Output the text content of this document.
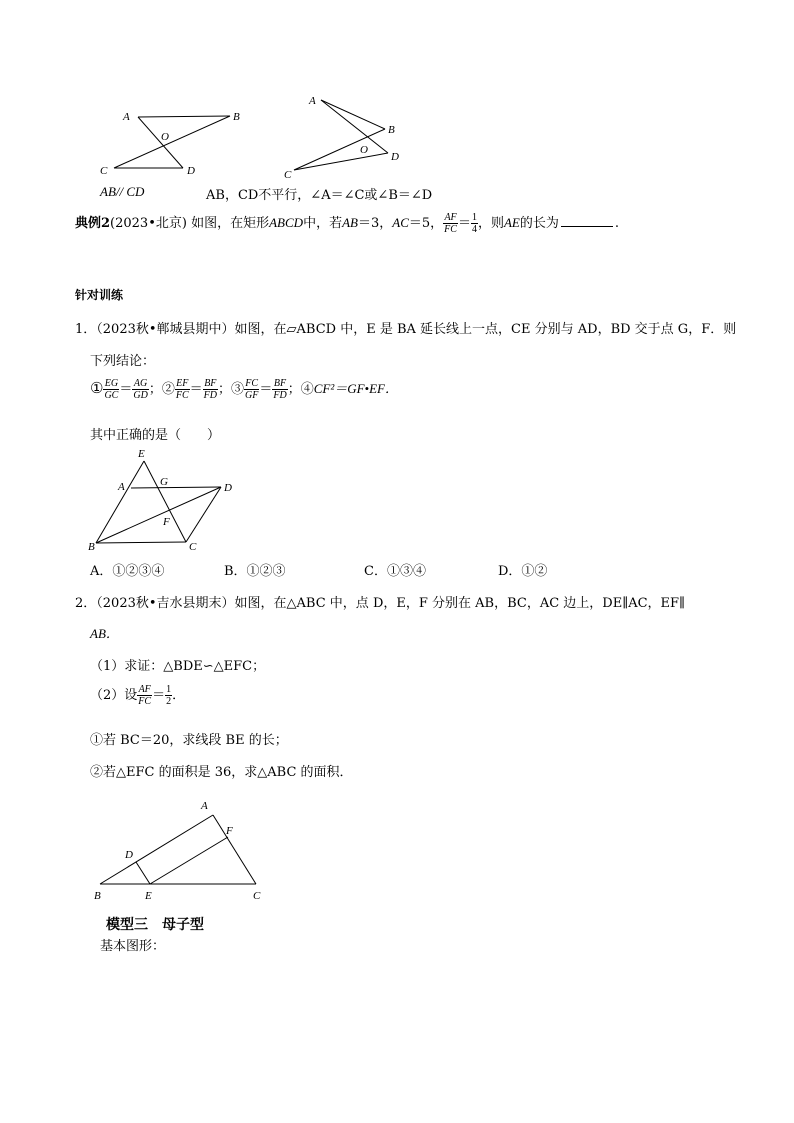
A	B
O
C	D
A
B
O
C
D
AB// CD	AB，CD不平行，∠A＝∠C或∠B＝∠D
典例2(2023•北京) 如图，在矩形ABCD中，若AB＝3，AC＝5， $\frac{AF}{FC} = \frac{1}{4}$ ，则AE的长为	.
针对训练
1．（2023秋•郸城县期中）如图，在▱ABCD 中，E 是 BA 延长线上一点，CE 分别与 AD，BD 交于点 G，F．则
下列结论：
① $\frac{EG}{GC} = \frac{AG}{GD}$ ；② $\frac{EF}{FC} = \frac{BF}{FD}$ ；③ $\frac{FC}{GF} = \frac{BF}{FD}$ ；④CF²＝GF•EF．
其中正确的是（　　）
E
A	G	D
F
B	C
A．①②③④	B．①②③	C．①③④	D．①②
2．（2023秋•吉水县期末）如图，在△ABC 中，点 D，E，F 分别在 AB，BC，AC 边上，DE∥AC，EF∥
AB．
（1）求证：△BDE∽△EFC；
（2）设 $\frac{AF}{FC} = \frac{1}{2}$ ．
①若 BC＝20，求线段 BE 的长；
②若△EFC 的面积是 36，求△ABC 的面积．
A
F
D
B	E	C
模型三　母子型
基本图形：
